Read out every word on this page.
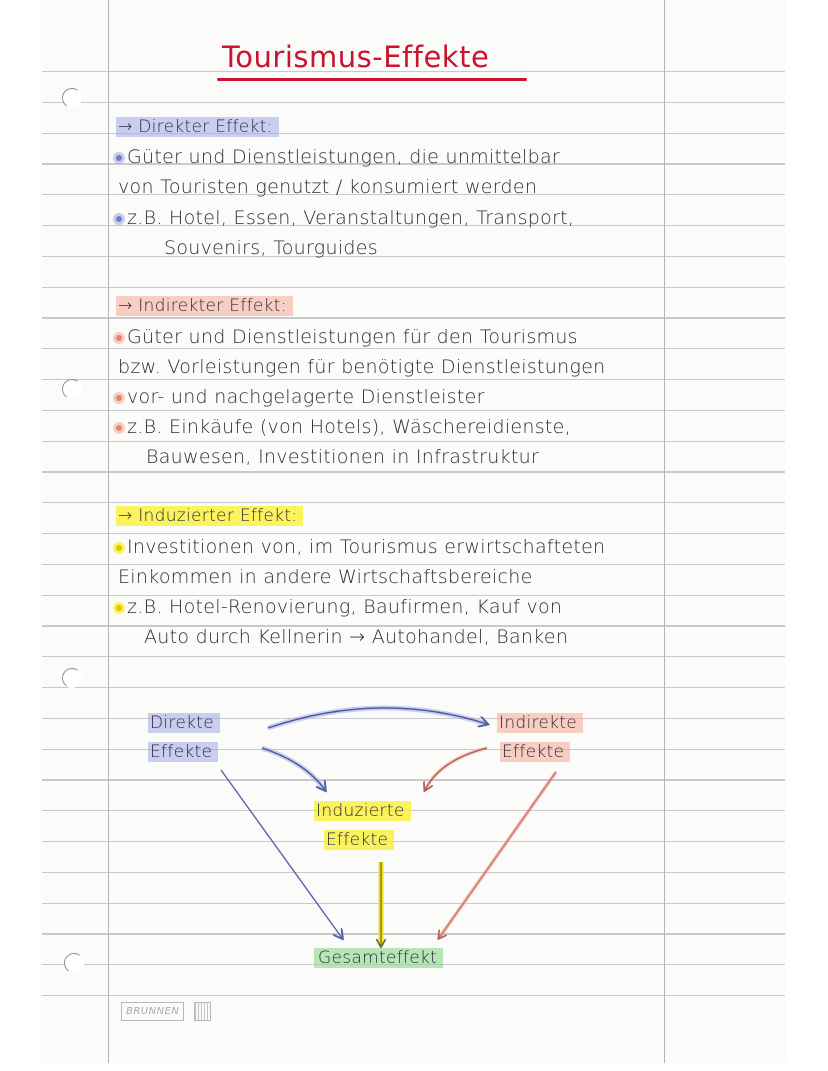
Tourismus-Effekte
→ Direkter Effekt:
Güter und Dienstleistungen, die unmittelbar
von Touristen genutzt / konsumiert werden
z.B. Hotel, Essen, Veranstaltungen, Transport,
Souvenirs, Tourguides
→ Indirekter Effekt:
Güter und Dienstleistungen für den Tourismus
bzw. Vorleistungen für benötigte Dienstleistungen
vor- und nachgelagerte Dienstleister
z.B. Einkäufe (von Hotels), Wäschereidienste,
Bauwesen, Investitionen in Infrastruktur
→ Induzierter Effekt:
Investitionen von, im Tourismus erwirtschafteten
Einkommen in andere Wirtschaftsbereiche
z.B. Hotel-Renovierung, Baufirmen, Kauf von
Auto durch Kellnerin → Autohandel, Banken
Direkte
Effekte
Indirekte
Effekte
Induzierte
Effekte
Gesamteffekt
BRUNNEN
